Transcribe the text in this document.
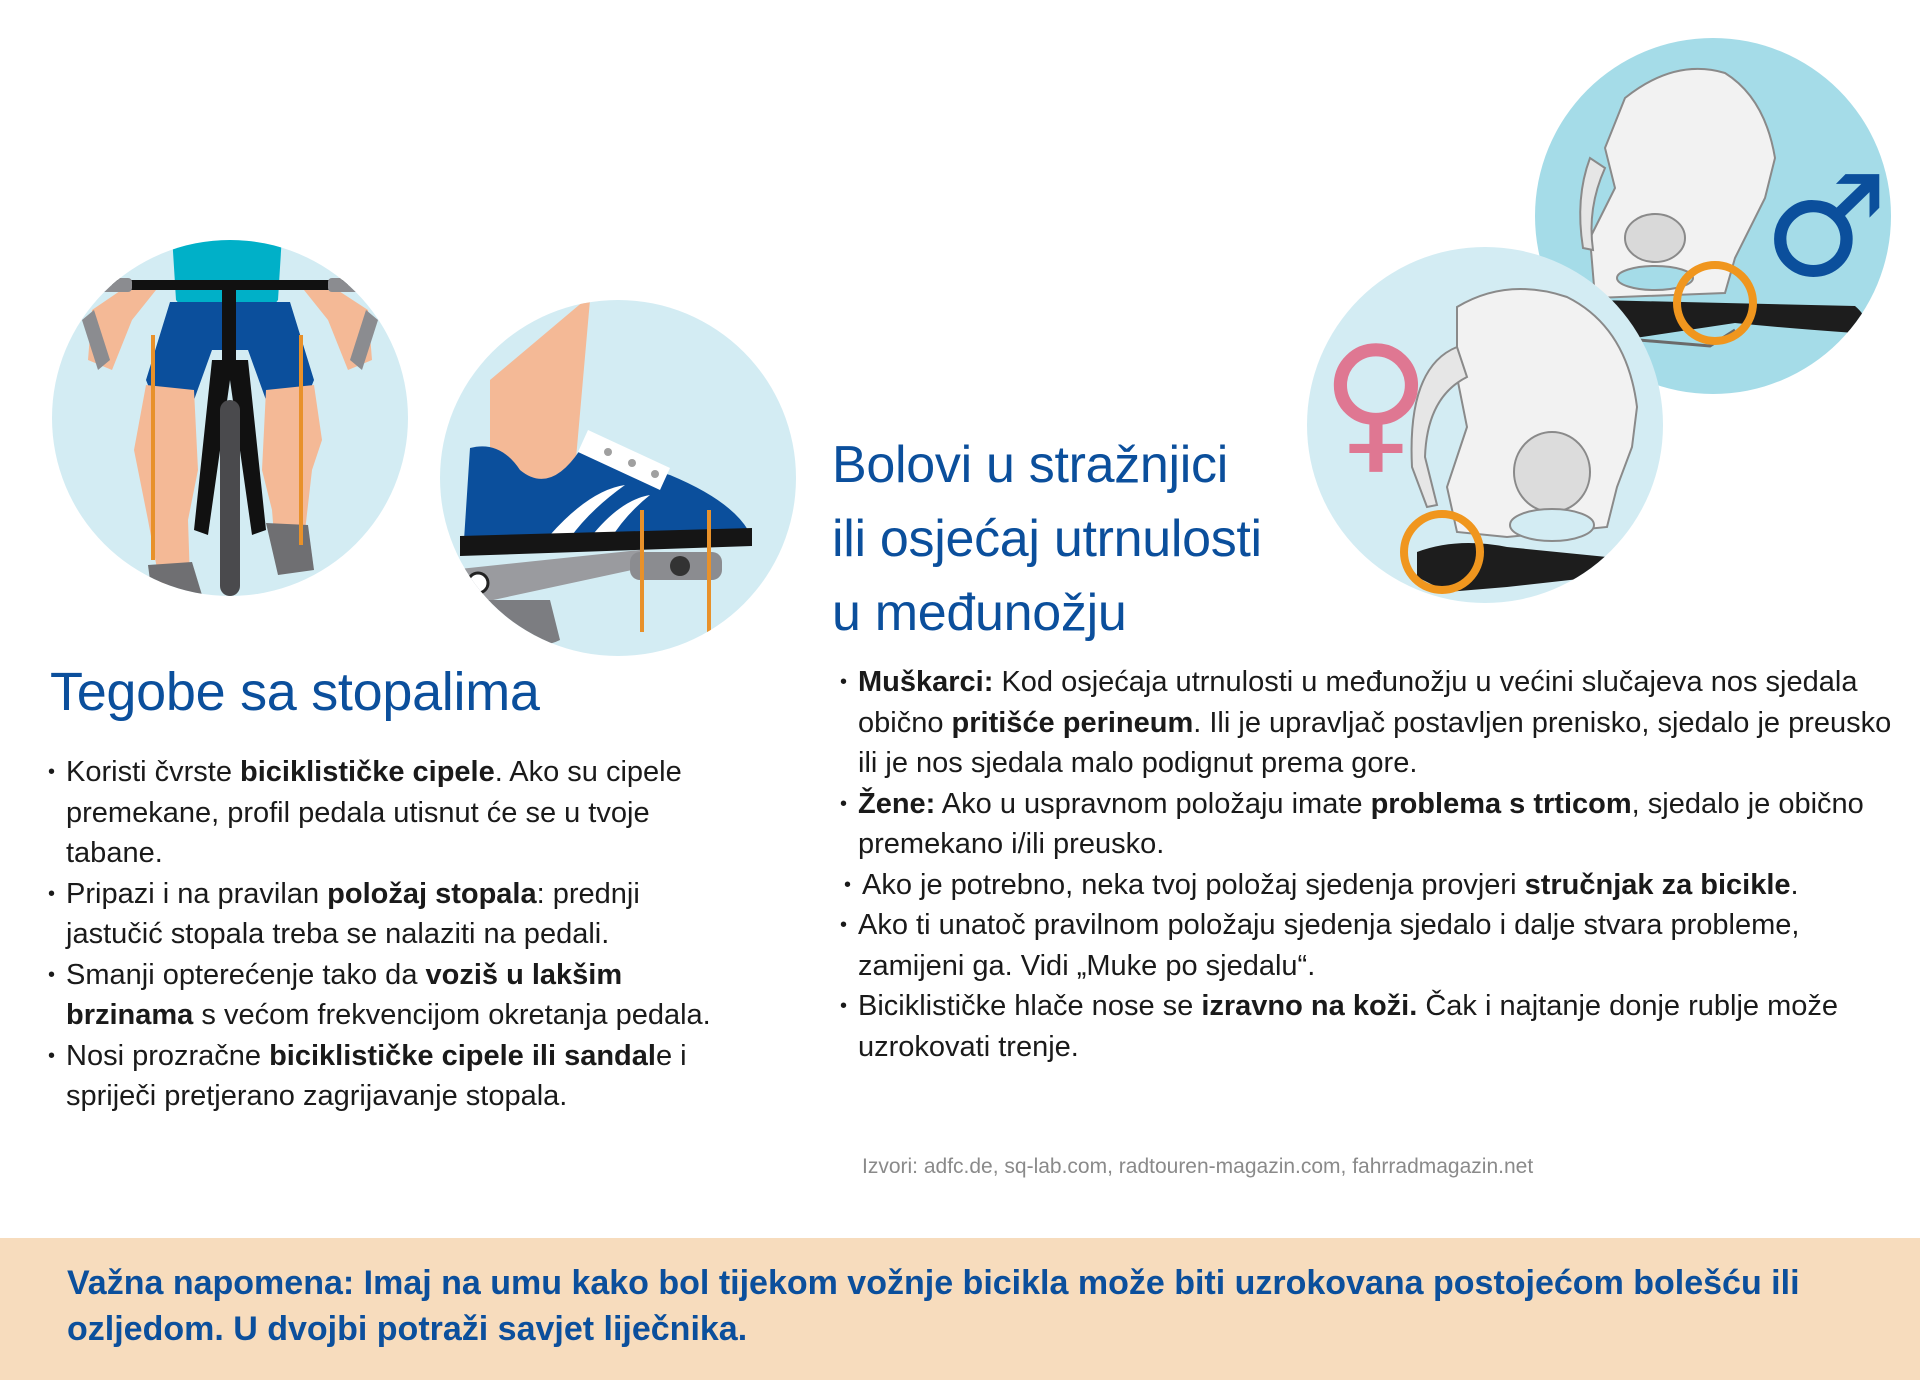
♂
♀
Tegobe sa stopalima
• Koristi čvrste biciklističke cipele. Ako su cipele premekane, profil pedala utisnut će se u tvoje tabane.
• Pripazi i na pravilan položaj stopala: prednji jastučić stopala treba se nalaziti na pedali.
• Smanji opterećenje tako da voziš u lakšim brzinama s većom frekvencijom okretanja pedala.
• Nosi prozračne biciklističke cipele ili sandale i spriječi pretjerano zagrijavanje stopala.
Bolovi u stražnjici
ili osjećaj utrnulosti
u međunožju
• Muškarci: Kod osjećaja utrnulosti u međunožju u većini slučajeva nos sjedala obično pritišće perineum. Ili je upravljač postavljen prenisko, sjedalo je preusko ili je nos sjedala malo podignut prema gore.
• Žene: Ako u uspravnom položaju imate problema s trticom, sjedalo je obično premekano i/ili preusko.
• Ako je potrebno, neka tvoj položaj sjedenja provjeri stručnjak za bicikle.
• Ako ti unatoč pravilnom položaju sjedenja sjedalo i dalje stvara probleme, zamijeni ga. Vidi „Muke po sjedalu“.
• Biciklističke hlače nose se izravno na koži. Čak i najtanje donje rublje može uzrokovati trenje.
Izvori: adfc.de, sq-lab.com, radtouren-magazin.com, fahrradmagazin.net
Važna napomena: Imaj na umu kako bol tijekom vožnje bicikla može biti uzrokovana postojećom bolešću ili ozljedom. U dvojbi potraži savjet liječnika.
